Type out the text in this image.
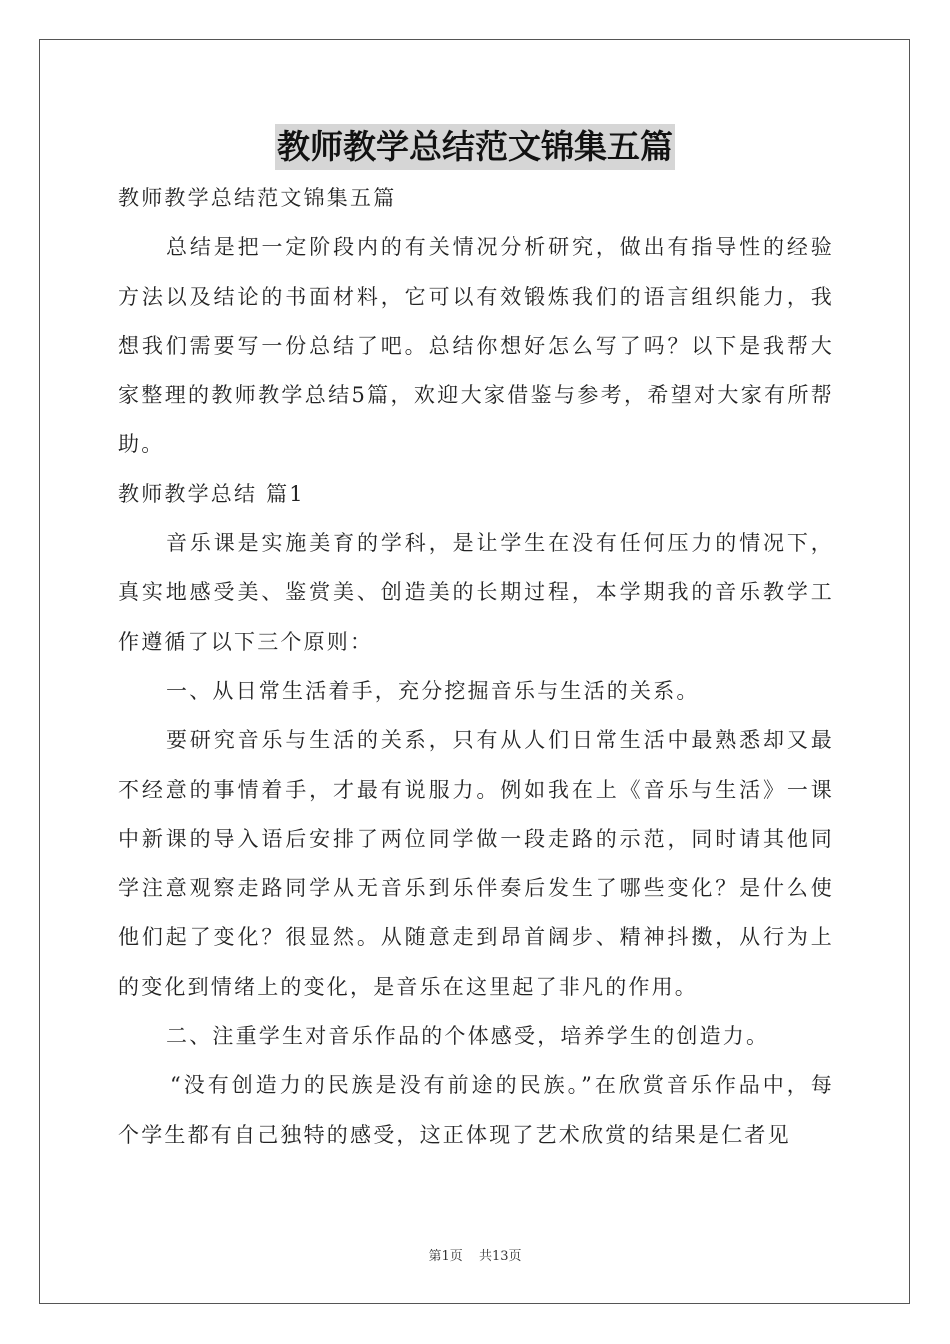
教师教学总结范文锦集五篇

教师教学总结范文锦集五篇

总结是把一定阶段内的有关情况分析研究，做出有指导性的经验方法以及结论的书面材料，它可以有效锻炼我们的语言组织能力，我想我们需要写一份总结了吧。总结你想好怎么写了吗？以下是我帮大家整理的教师教学总结5篇，欢迎大家借鉴与参考，希望对大家有所帮助。

教师教学总结 篇1

音乐课是实施美育的学科，是让学生在没有任何压力的情况下，真实地感受美、鉴赏美、创造美的长期过程，本学期我的音乐教学工作遵循了以下三个原则：

一、从日常生活着手，充分挖掘音乐与生活的关系。

要研究音乐与生活的关系，只有从人们日常生活中最熟悉却又最不经意的事情着手，才最有说服力。例如我在上《音乐与生活》一课中新课的导入语后安排了两位同学做一段走路的示范，同时请其他同学注意观察走路同学从无音乐到乐伴奏后发生了哪些变化？是什么使他们起了变化？很显然。从随意走到昂首阔步、精神抖擞，从行为上的变化到情绪上的变化，是音乐在这里起了非凡的作用。

二、注重学生对音乐作品的个体感受，培养学生的创造力。

“没有创造力的民族是没有前途的民族。”在欣赏音乐作品中，每个学生都有自己独特的感受，这正体现了艺术欣赏的结果是仁者见

第1页 共13页
